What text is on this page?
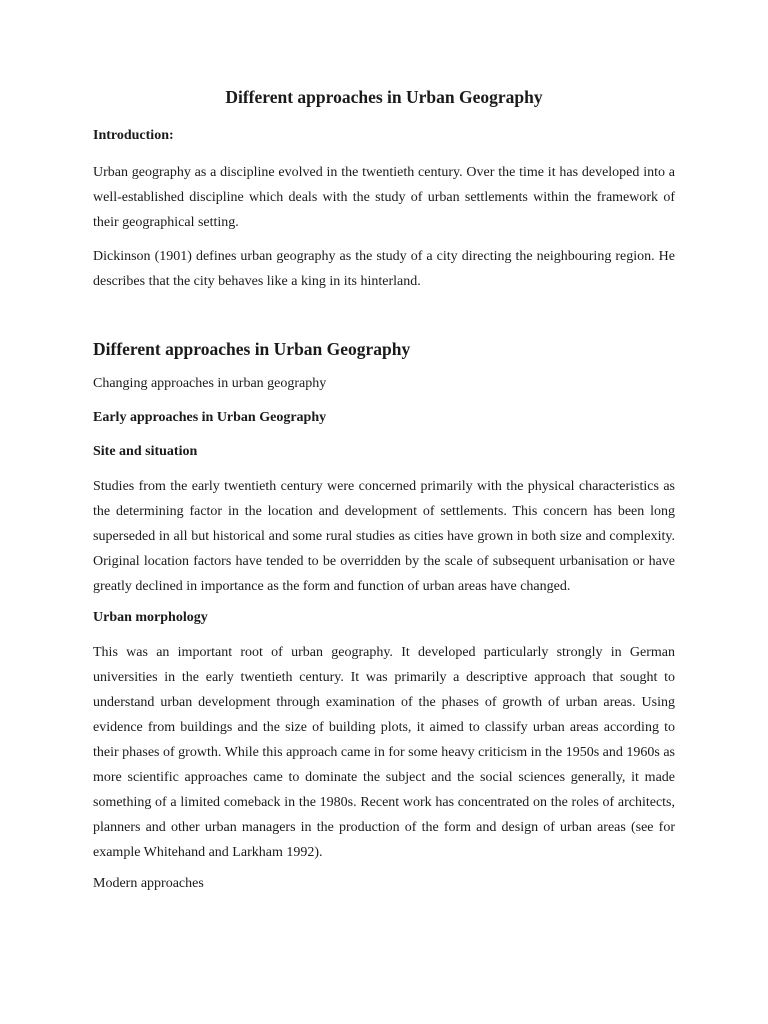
Different approaches in Urban Geography
Introduction:

Urban geography as a discipline evolved in the twentieth century. Over the time it has developed into a well-established discipline which deals with the study of urban settlements within the framework of their geographical setting.

Dickinson (1901) defines urban geography as the study of a city directing the neighbouring region. He describes that the city behaves like a king in its hinterland.

Different approaches in Urban Geography
Changing approaches in urban geography
Early approaches in Urban Geography
Site and situation

Studies from the early twentieth century were concerned primarily with the physical characteristics as the determining factor in the location and development of settlements. This concern has been long superseded in all but historical and some rural studies as cities have grown in both size and complexity. Original location factors have tended to be overridden by the scale of subsequent urbanisation or have greatly declined in importance as the form and function of urban areas have changed.

Urban morphology

This was an important root of urban geography. It developed particularly strongly in German universities in the early twentieth century. It was primarily a descriptive approach that sought to understand urban development through examination of the phases of growth of urban areas. Using evidence from buildings and the size of building plots, it aimed to classify urban areas according to their phases of growth. While this approach came in for some heavy criticism in the 1950s and 1960s as more scientific approaches came to dominate the subject and the social sciences generally, it made something of a limited comeback in the 1980s. Recent work has concentrated on the roles of architects, planners and other urban managers in the production of the form and design of urban areas (see for example Whitehand and Larkham 1992).

Modern approaches
